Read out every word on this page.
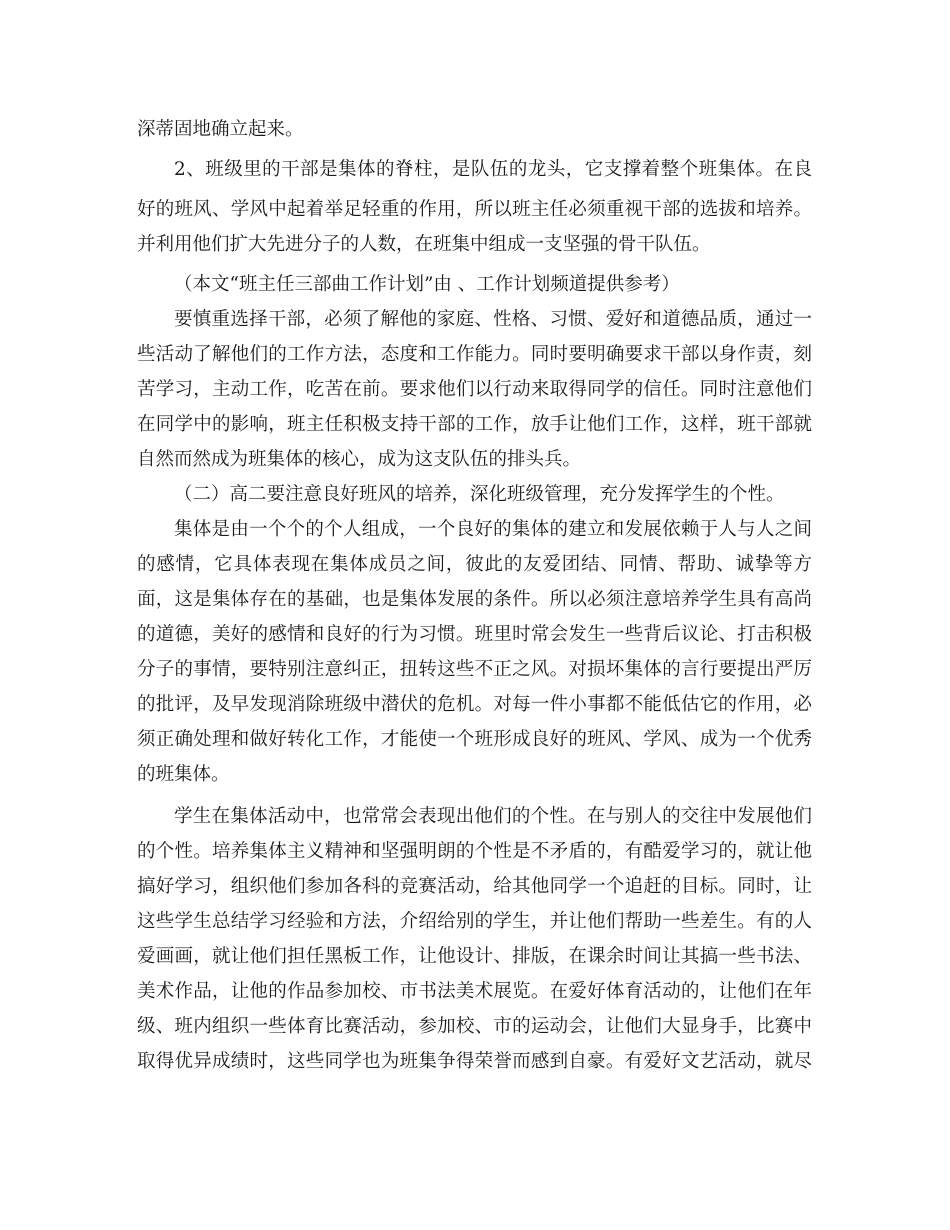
深蒂固地确立起来。
2、班级里的干部是集体的脊柱，是队伍的龙头，它支撑着整个班集体。在良
好的班风、学风中起着举足轻重的作用，所以班主任必须重视干部的选拔和培养。
并利用他们扩大先进分子的人数，在班集中组成一支坚强的骨干队伍。
（本文“班主任三部曲工作计划”由 、工作计划频道提供参考）
要慎重选择干部，必须了解他的家庭、性格、习惯、爱好和道德品质，通过一
些活动了解他们的工作方法，态度和工作能力。同时要明确要求干部以身作责，刻
苦学习，主动工作，吃苦在前。要求他们以行动来取得同学的信任。同时注意他们
在同学中的影响，班主任积极支持干部的工作，放手让他们工作，这样，班干部就
自然而然成为班集体的核心，成为这支队伍的排头兵。
（二）高二要注意良好班风的培养，深化班级管理，充分发挥学生的个性。
集体是由一个个的个人组成，一个良好的集体的建立和发展依赖于人与人之间
的感情，它具体表现在集体成员之间，彼此的友爱团结、同情、帮助、诚挚等方
面，这是集体存在的基础，也是集体发展的条件。所以必须注意培养学生具有高尚
的道德，美好的感情和良好的行为习惯。班里时常会发生一些背后议论、打击积极
分子的事情，要特别注意纠正，扭转这些不正之风。对损坏集体的言行要提出严厉
的批评，及早发现消除班级中潜伏的危机。对每一件小事都不能低估它的作用，必
须正确处理和做好转化工作，才能使一个班形成良好的班风、学风、成为一个优秀
的班集体。
学生在集体活动中，也常常会表现出他们的个性。在与别人的交往中发展他们
的个性。培养集体主义精神和坚强明朗的个性是不矛盾的，有酷爱学习的，就让他
搞好学习，组织他们参加各科的竞赛活动，给其他同学一个追赶的目标。同时，让
这些学生总结学习经验和方法，介绍给别的学生，并让他们帮助一些差生。有的人
爱画画，就让他们担任黑板工作，让他设计、排版，在课余时间让其搞一些书法、
美术作品，让他的作品参加校、市书法美术展览。在爱好体育活动的，让他们在年
级、班内组织一些体育比赛活动，参加校、市的运动会，让他们大显身手，比赛中
取得优异成绩时，这些同学也为班集争得荣誉而感到自豪。有爱好文艺活动，就尽
